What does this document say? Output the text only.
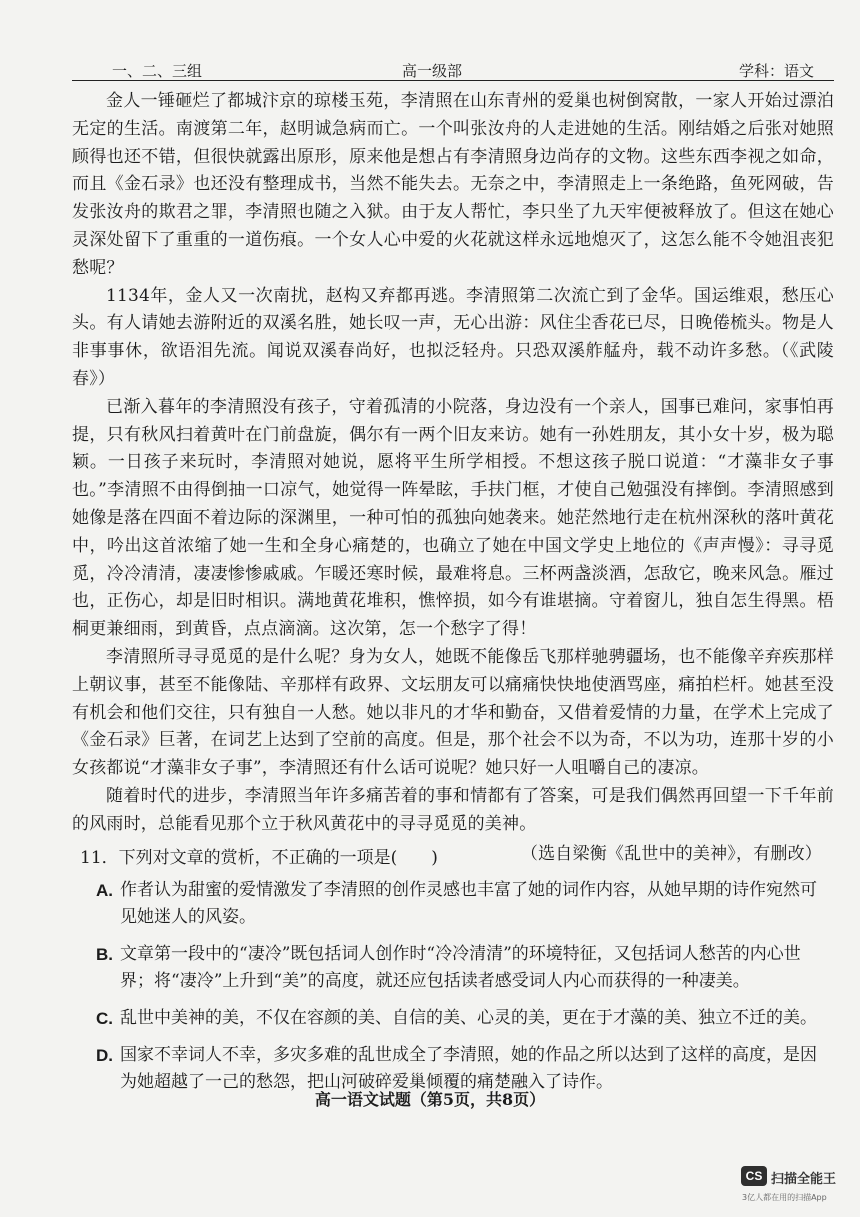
一、二、三组	高一级部	学科：语文

金人一锤砸烂了都城汴京的琼楼玉苑，李清照在山东青州的爱巢也树倒窝散，一家人开始过漂泊无定的生活。南渡第二年，赵明诚急病而亡。一个叫张汝舟的人走进她的生活。刚结婚之后张对她照顾得也还不错，但很快就露出原形，原来他是想占有李清照身边尚存的文物。这些东西李视之如命，而且《金石录》也还没有整理成书，当然不能失去。无奈之中，李清照走上一条绝路，鱼死网破，告发张汝舟的欺君之罪，李清照也随之入狱。由于友人帮忙，李只坐了九天牢便被释放了。但这在她心灵深处留下了重重的一道伤痕。一个女人心中爱的火花就这样永远地熄灭了，这怎么能不令她沮丧犯愁呢？

1134年，金人又一次南扰，赵构又弃都再逃。李清照第二次流亡到了金华。国运维艰，愁压心头。有人请她去游附近的双溪名胜，她长叹一声，无心出游：风住尘香花已尽，日晚倦梳头。物是人非事事休，欲语泪先流。闻说双溪春尚好，也拟泛轻舟。只恐双溪舴艋舟，载不动许多愁。（《武陵春》）

已渐入暮年的李清照没有孩子，守着孤清的小院落，身边没有一个亲人，国事已难问，家事怕再提，只有秋风扫着黄叶在门前盘旋，偶尔有一两个旧友来访。她有一孙姓朋友，其小女十岁，极为聪颖。一日孩子来玩时，李清照对她说，愿将平生所学相授。不想这孩子脱口说道：“才藻非女子事也。”李清照不由得倒抽一口凉气，她觉得一阵晕眩，手扶门框，才使自己勉强没有摔倒。李清照感到她像是落在四面不着边际的深渊里，一种可怕的孤独向她袭来。她茫然地行走在杭州深秋的落叶黄花中，吟出这首浓缩了她一生和全身心痛楚的，也确立了她在中国文学史上地位的《声声慢》：寻寻觅觅，冷冷清清，凄凄惨惨戚戚。乍暖还寒时候，最难将息。三杯两盏淡酒，怎敌它，晚来风急。雁过也，正伤心，却是旧时相识。满地黄花堆积，憔悴损，如今有谁堪摘。守着窗儿，独自怎生得黑。梧桐更兼细雨，到黄昏，点点滴滴。这次第，怎一个愁字了得！

李清照所寻寻觅觅的是什么呢？身为女人，她既不能像岳飞那样驰骋疆场，也不能像辛弃疾那样上朝议事，甚至不能像陆、辛那样有政界、文坛朋友可以痛痛快快地使酒骂座，痛拍栏杆。她甚至没有机会和他们交往，只有独自一人愁。她以非凡的才华和勤奋，又借着爱情的力量，在学术上完成了《金石录》巨著，在词艺上达到了空前的高度。但是，那个社会不以为奇，不以为功，连那十岁的小女孩都说“才藻非女子事”，李清照还有什么话可说呢？她只好一人咀嚼自己的凄凉。

随着时代的进步，李清照当年许多痛苦着的事和情都有了答案，可是我们偶然再回望一下千年前的风雨时，总能看见那个立于秋风黄花中的寻寻觅觅的美神。

（选自梁衡《乱世中的美神》，有删改）

11．下列对文章的赏析，不正确的一项是(　　)

A. 作者认为甜蜜的爱情激发了李清照的创作灵感也丰富了她的词作内容，从她早期的诗作宛然可见她迷人的风姿。
B. 文章第一段中的“凄冷”既包括词人创作时“冷冷清清”的环境特征，又包括词人愁苦的内心世界；将“凄冷”上升到“美”的高度，就还应包括读者感受词人内心而获得的一种凄美。
C. 乱世中美神的美，不仅在容颜的美、自信的美、心灵的美，更在于才藻的美、独立不迁的美。
D. 国家不幸词人不幸，多灾多难的乱世成全了李清照，她的作品之所以达到了这样的高度，是因为她超越了一己的愁怨，把山河破碎爱巢倾覆的痛楚融入了诗作。
高一语文试题（第5页，共8页）
CS 扫描全能王
3亿人都在用的扫描App
